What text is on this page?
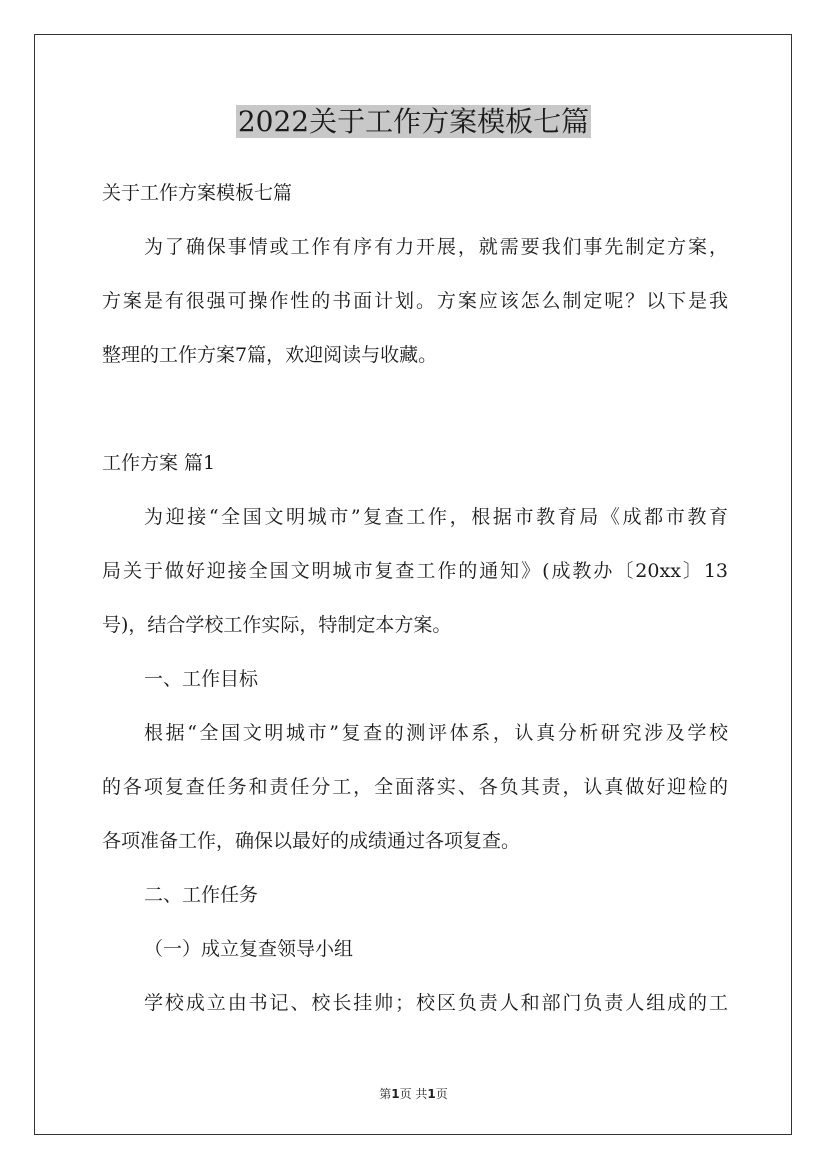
2022关于工作方案模板七篇
关于工作方案模板七篇
为了确保事情或工作有序有力开展，就需要我们事先制定方案，
方案是有很强可操作性的书面计划。方案应该怎么制定呢？以下是我
整理的工作方案7篇，欢迎阅读与收藏。
工作方案 篇1
为迎接“全国文明城市”复查工作，根据市教育局《成都市教育
局关于做好迎接全国文明城市复查工作的通知》(成教办〔20xx〕13
号)，结合学校工作实际，特制定本方案。
一、工作目标
根据“全国文明城市”复查的测评体系，认真分析研究涉及学校
的各项复查任务和责任分工，全面落实、各负其责，认真做好迎检的
各项准备工作，确保以最好的成绩通过各项复查。
二、工作任务
（一）成立复查领导小组
学校成立由书记、校长挂帅；校区负责人和部门负责人组成的工
第1页 共1页
